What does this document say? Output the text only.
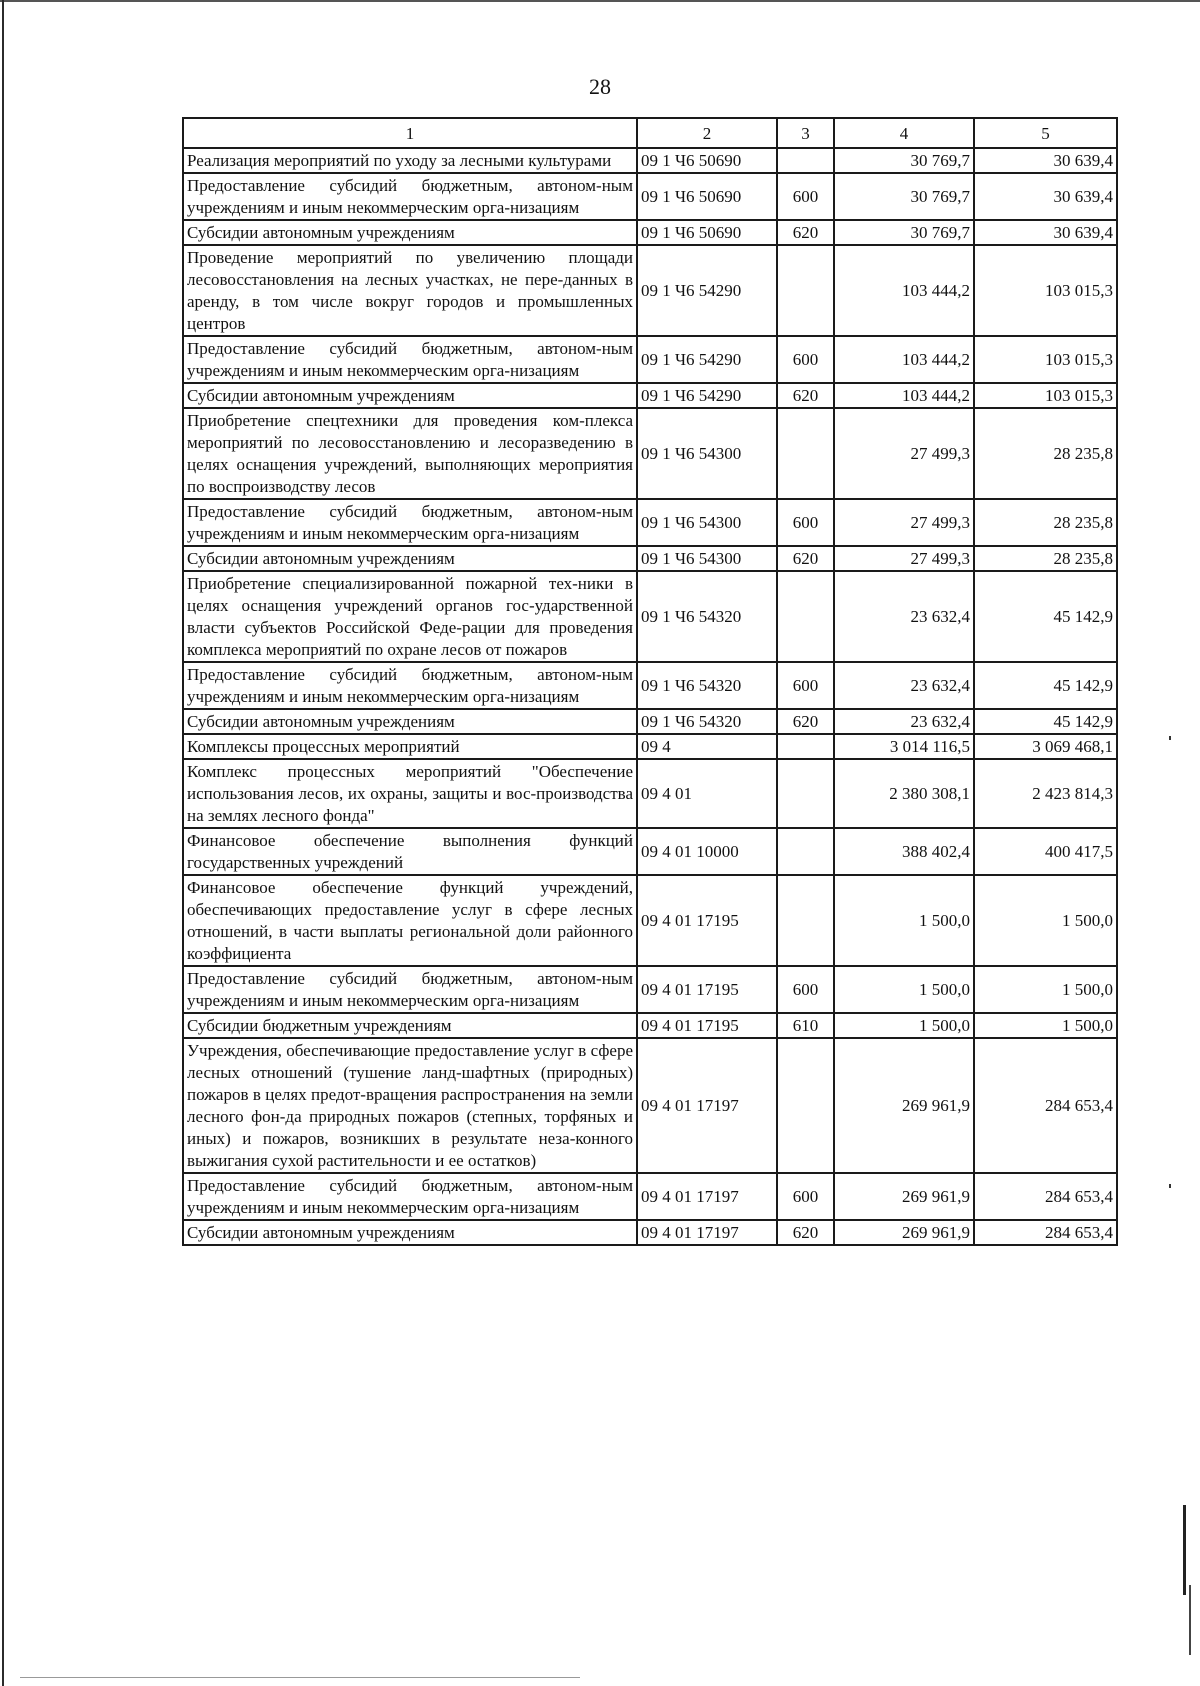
28
1	2	3	4	5
Реализация мероприятий по уходу за лесными культурами	09 1 Ч6 50690		30 769,7	30 639,4
Предоставление субсидий бюджетным, автоном-ным учреждениям и иным некоммерческим орга-низациям	09 1 Ч6 50690	600	30 769,7	30 639,4
Субсидии автономным учреждениям	09 1 Ч6 50690	620	30 769,7	30 639,4
Проведение мероприятий по увеличению площади лесовосстановления на лесных участках, не пере-данных в аренду, в том числе вокруг городов и промышленных центров	09 1 Ч6 54290		103 444,2	103 015,3
Предоставление субсидий бюджетным, автоном-ным учреждениям и иным некоммерческим орга-низациям	09 1 Ч6 54290	600	103 444,2	103 015,3
Субсидии автономным учреждениям	09 1 Ч6 54290	620	103 444,2	103 015,3
Приобретение спецтехники для проведения ком-плекса мероприятий по лесовосстановлению и лесоразведению в целях оснащения учреждений, выполняющих мероприятия по воспроизводству лесов	09 1 Ч6 54300		27 499,3	28 235,8
Предоставление субсидий бюджетным, автоном-ным учреждениям и иным некоммерческим орга-низациям	09 1 Ч6 54300	600	27 499,3	28 235,8
Субсидии автономным учреждениям	09 1 Ч6 54300	620	27 499,3	28 235,8
Приобретение специализированной пожарной тех-ники в целях оснащения учреждений органов гос-ударственной власти субъектов Российской Феде-рации для проведения комплекса мероприятий по охране лесов от пожаров	09 1 Ч6 54320		23 632,4	45 142,9
Предоставление субсидий бюджетным, автоном-ным учреждениям и иным некоммерческим орга-низациям	09 1 Ч6 54320	600	23 632,4	45 142,9
Субсидии автономным учреждениям	09 1 Ч6 54320	620	23 632,4	45 142,9
Комплексы процессных мероприятий	09 4		3 014 116,5	3 069 468,1
Комплекс процессных мероприятий "Обеспечение использования лесов, их охраны, защиты и вос-производства на землях лесного фонда"	09 4 01		2 380 308,1	2 423 814,3
Финансовое обеспечение выполнения функций государственных учреждений	09 4 01 10000		388 402,4	400 417,5
Финансовое обеспечение функций учреждений, обеспечивающих предоставление услуг в сфере лесных отношений, в части выплаты региональной доли районного коэффициента	09 4 01 17195		1 500,0	1 500,0
Предоставление субсидий бюджетным, автоном-ным учреждениям и иным некоммерческим орга-низациям	09 4 01 17195	600	1 500,0	1 500,0
Субсидии бюджетным учреждениям	09 4 01 17195	610	1 500,0	1 500,0
Учреждения, обеспечивающие предоставление услуг в сфере лесных отношений (тушение ланд-шафтных (природных) пожаров в целях предот-вращения распространения на земли лесного фон-да природных пожаров (степных, торфяных и иных) и пожаров, возникших в результате неза-конного выжигания сухой растительности и ее остатков)	09 4 01 17197		269 961,9	284 653,4
Предоставление субсидий бюджетным, автоном-ным учреждениям и иным некоммерческим орга-низациям	09 4 01 17197	600	269 961,9	284 653,4
Субсидии автономным учреждениям	09 4 01 17197	620	269 961,9	284 653,4
